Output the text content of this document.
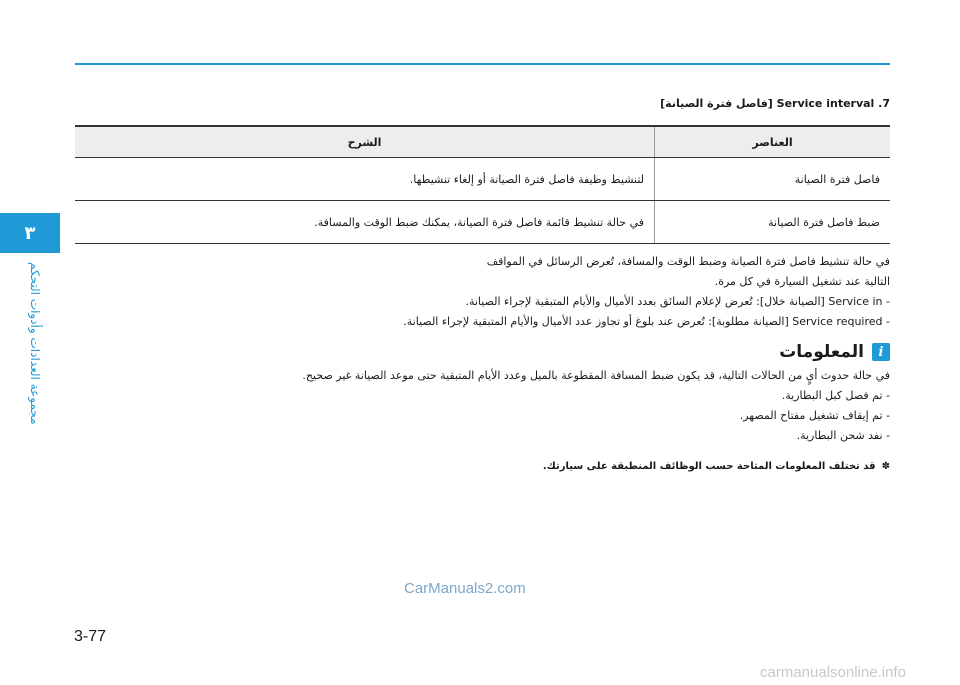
٣
مجموعة العدادات وأدوات التحكم
7. Service interval [فاصل فترة الصيانة]
العناصر	الشرح
فاصل فترة الصيانة	لتنشيط وظيفة فاصل فترة الصيانة أو إلغاء تنشيطها.
ضبط فاصل فترة الصيانة	في حالة تنشيط قائمة فاصل فترة الصيانة، يمكنك ضبط الوقت والمسافة.

في حالة تنشيط فاصل فترة الصيانة وضبط الوقت والمسافة، تُعرض الرسائل في المواقف

التالية عند تشغيل السيارة في كل مرة.

- Service in [الصيانة خلال]: تُعرض لإعلام السائق بعدد الأميال والأيام المتبقية لإجراء الصيانة.

- Service required [الصيانة مطلوبة]: تُعرض عند بلوغ أو تجاوز عدد الأميال والأيام المتبقية لإجراء الصيانة.

i
المعلومات

في حالة حدوث أيٍ من الحالات التالية، قد يكون ضبط المسافة المقطوعة بالميل وعدد الأيام المتبقية حتى موعد الصيانة غير صحيح.

- تم فصل كبل البطارية.

- تم إيقاف تشغيل مفتاح المصهر.

- نفد شحن البطارية.

✽قد تختلف المعلومات المتاحة حسب الوظائف المنطبقة على سيارتك.
CarManuals2.com
3-77
carmanualsonline.info
